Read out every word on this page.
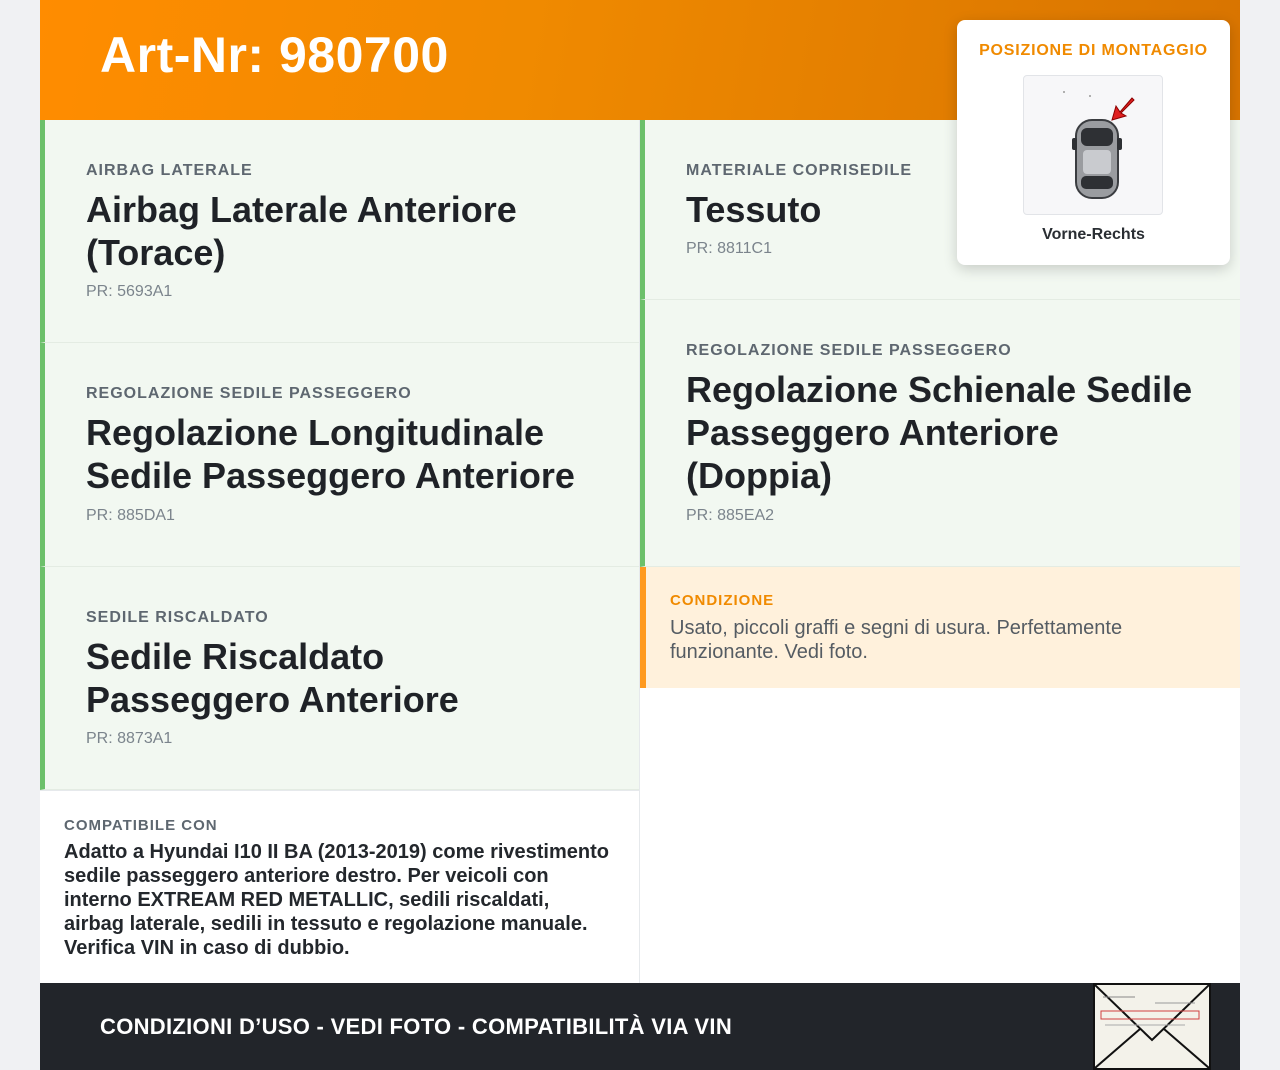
Art-Nr: 980700
AIRBAG LATERALE
Airbag Laterale Anteriore (Torace)
PR: 5693A1
REGOLAZIONE SEDILE PASSEGGERO
Regolazione Longitudinale Sedile Passeggero Anteriore
PR: 885DA1
SEDILE RISCALDATO
Sedile Riscaldato Passeggero Anteriore
PR: 8873A1
MATERIALE COPRISEDILE
Tessuto
PR: 8811C1
REGOLAZIONE SEDILE PASSEGGERO
Regolazione Schienale Sedile Passeggero Anteriore (Doppia)
PR: 885EA2
CONDIZIONE
Usato, piccoli graffi e segni di usura. Perfettamente funzionante. Vedi foto.
COMPATIBILE CON
Adatto a Hyundai I10 II BA (2013-2019) come rivestimento sedile passeggero anteriore destro. Per veicoli con interno EXTREAM RED METALLIC, sedili riscaldati, airbag laterale, sedili in tessuto e regolazione manuale. Verifica VIN in caso di dubbio.
CONDIZIONI D’USO - VEDI FOTO - COMPATIBILITÀ VIA VIN
POSIZIONE DI MONTAGGIO
Vorne-Rechts
